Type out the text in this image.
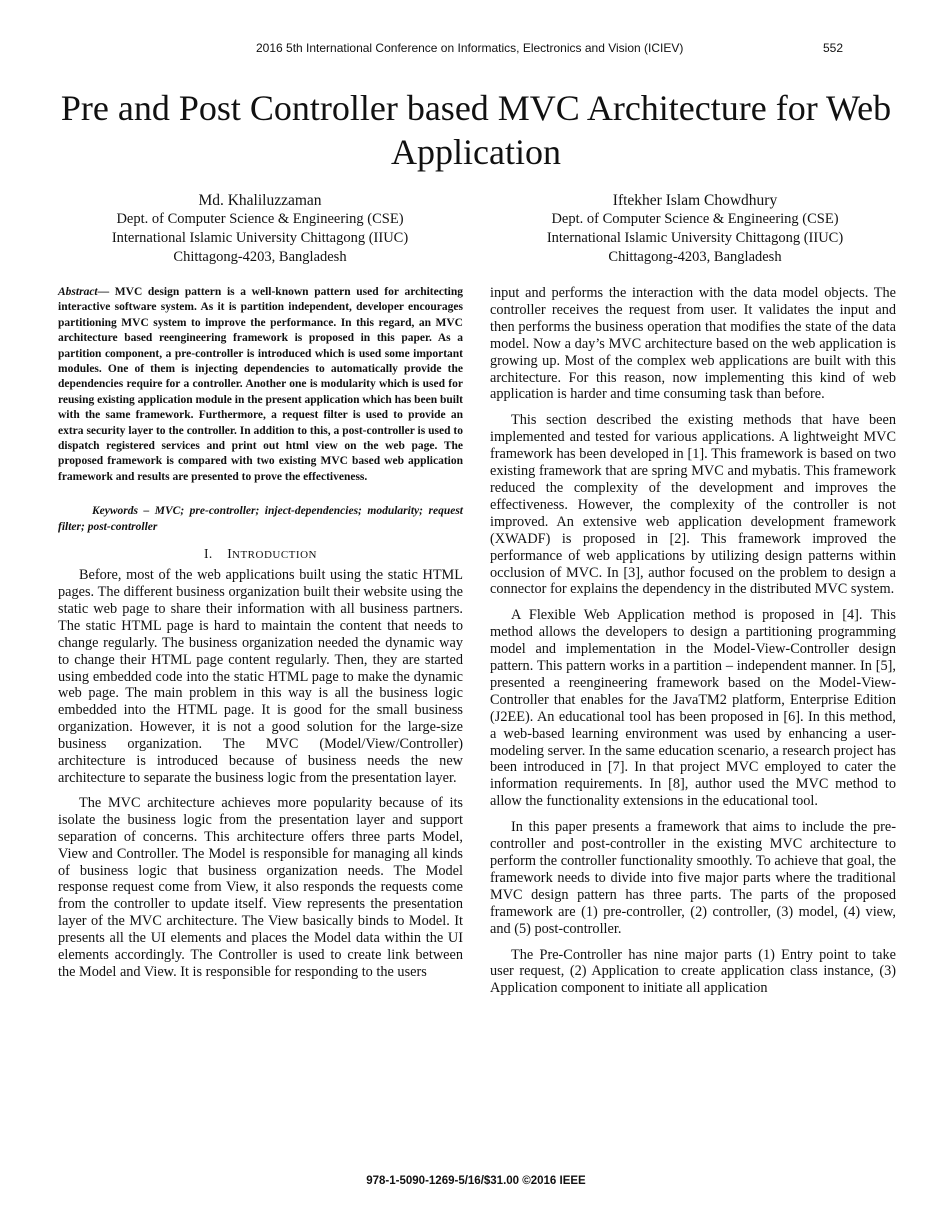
2016 5th International Conference on Informatics, Electronics and Vision (ICIEV)	552
Pre and Post Controller based MVC Architecture for Web Application
Md. Khaliluzzaman
Dept. of Computer Science & Engineering (CSE)
International Islamic University Chittagong (IIUC)
Chittagong-4203, Bangladesh
Iftekher Islam Chowdhury
Dept. of Computer Science & Engineering (CSE)
International Islamic University Chittagong (IIUC)
Chittagong-4203, Bangladesh

Abstract— MVC design pattern is a well-known pattern used for architecting interactive software system. As it is partition independent, developer encourages partitioning MVC system to improve the performance. In this regard, an MVC architecture based reengineering framework is proposed in this paper. As a partition component, a pre-controller is introduced which is used some important modules. One of them is injecting dependencies to automatically provide the dependencies require for a controller. Another one is modularity which is used for reusing existing application module in the present application which has been built with the same framework. Furthermore, a request filter is used to provide an extra security layer to the controller. In addition to this, a post-controller is used to dispatch registered services and print out html view on the web page. The proposed framework is compared with two existing MVC based web application framework and results are presented to prove the effectiveness.

Keywords – MVC; pre-controller; inject-dependencies; modularity; request filter; post-controller

I. INTRODUCTION

Before, most of the web applications built using the static HTML pages. The different business organization built their website using the static web page to share their information with all business partners. The static HTML page is hard to maintain the content that needs to change regularly. The business organization needed the dynamic way to change their HTML page content regularly. Then, they are started using embedded code into the static HTML page to make the dynamic web page. The main problem in this way is all the business logic embedded into the HTML page. It is good for the small business organization. However, it is not a good solution for the large-size business organization. The MVC (Model/View/Controller) architecture is introduced because of business needs the new architecture to separate the business logic from the presentation layer.

The MVC architecture achieves more popularity because of its isolate the business logic from the presentation layer and support separation of concerns. This architecture offers three parts Model, View and Controller. The Model is responsible for managing all kinds of business logic that business organization needs. The Model response request come from View, it also responds the requests come from the controller to update itself. View represents the presentation layer of the MVC architecture. The View basically binds to Model. It presents all the UI elements and places the Model data within the UI elements accordingly. The Controller is used to create link between the Model and View. It is responsible for responding to the users

input and performs the interaction with the data model objects. The controller receives the request from user. It validates the input and then performs the business operation that modifies the state of the data model. Now a day’s MVC architecture based on the web application is growing up. Most of the complex web applications are built with this architecture. For this reason, now implementing this kind of web application is harder and time consuming task than before.

This section described the existing methods that have been implemented and tested for various applications. A lightweight MVC framework has been developed in [1]. This framework is based on two existing framework that are spring MVC and mybatis. This framework reduced the complexity of the development and improves the effectiveness. However, the complexity of the controller is not improved. An extensive web application development framework (XWADF) is proposed in [2]. This framework improved the performance of web applications by utilizing design patterns within occlusion of MVC. In [3], author focused on the problem to design a connector for explains the dependency in the distributed MVC system.

A Flexible Web Application method is proposed in [4]. This method allows the developers to design a partitioning programming model and implementation in the Model-View-Controller design pattern. This pattern works in a partition – independent manner. In [5], presented a reengineering framework based on the Model-View-Controller that enables for the JavaTM2 platform, Enterprise Edition (J2EE). An educational tool has been proposed in [6]. In this method, a web-based learning environment was used by enhancing a user-modeling server. In the same education scenario, a research project has been introduced in [7]. In that project MVC employed to cater the information requirements. In [8], author used the MVC method to allow the functionality extensions in the educational tool.

In this paper presents a framework that aims to include the pre-controller and post-controller in the existing MVC architecture to perform the controller functionality smoothly. To achieve that goal, the framework needs to divide into five major parts where the traditional MVC design pattern has three parts. The parts of the proposed framework are (1) pre-controller, (2) controller, (3) model, (4) view, and (5) post-controller.

The Pre-Controller has nine major parts (1) Entry point to take user request, (2) Application to create application class instance, (3) Application component to initiate all application

978-1-5090-1269-5/16/$31.00 ©2016 IEEE
